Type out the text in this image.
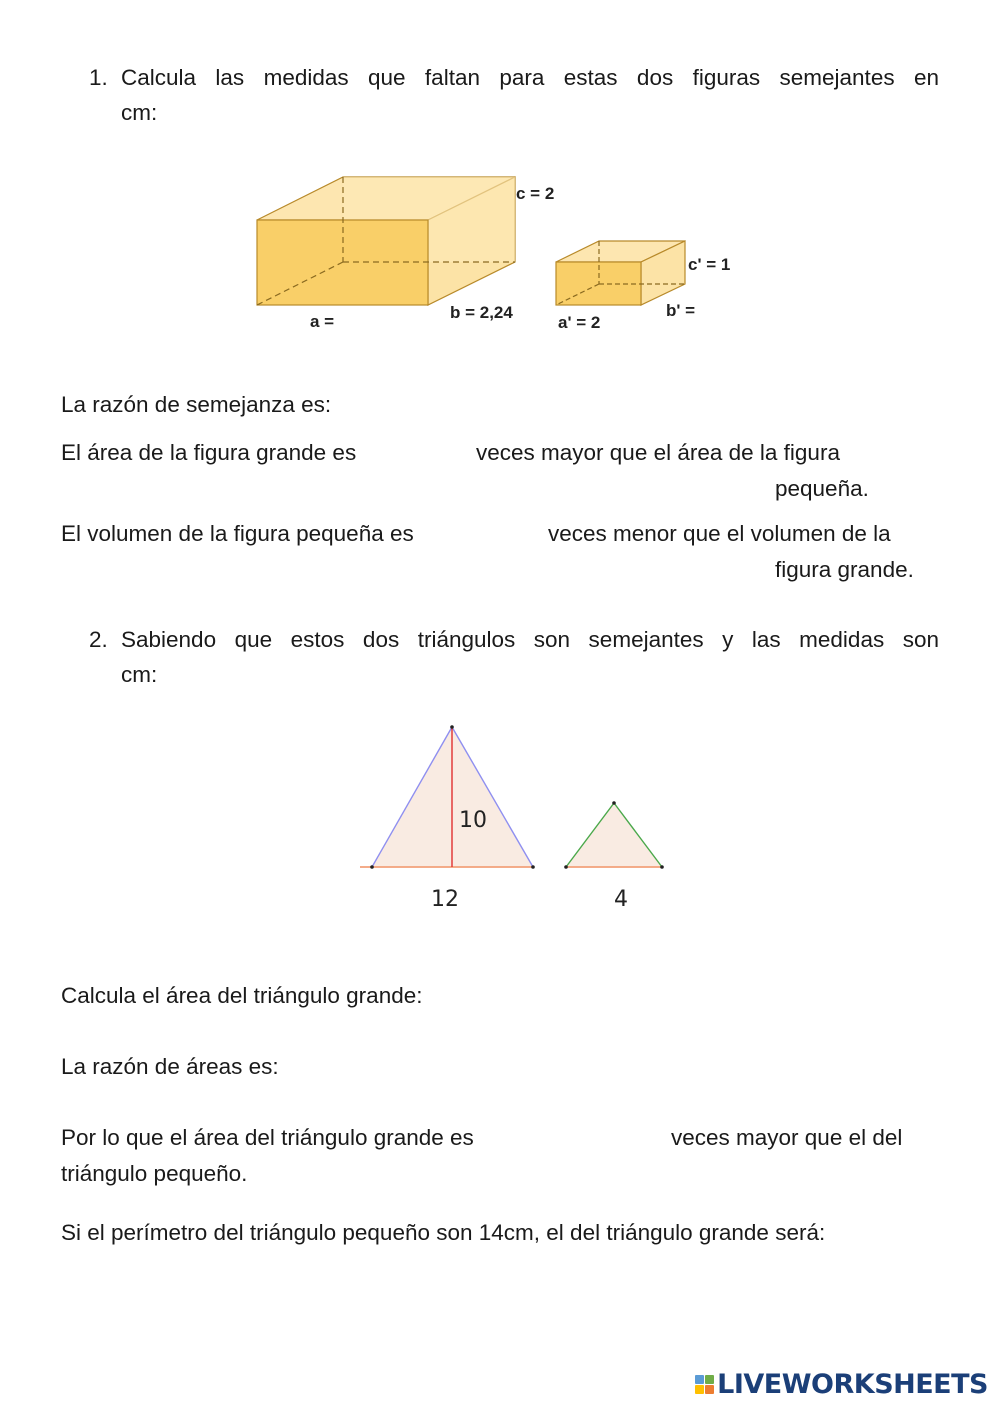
1. Calcula las medidas que faltan para estas dos figuras semejantes en
cm:
c = 2
a =	b = 2,24
c' = 1
a' = 2
b' =
La razón de semejanza es:
El área de la figura grande es	veces mayor que el área de la figura
pequeña.
El volumen de la figura pequeña es	veces menor que el volumen de la
figura grande.
2. Sabiendo que estos dos triángulos son semejantes y las medidas son
cm:
10
12	4
Calcula el área del triángulo grande:
La razón de áreas es:
Por lo que el área del triángulo grande es	veces mayor que el del
triángulo pequeño.
Si el perímetro del triángulo pequeño son 14cm, el del triángulo grande será:
LIVEWORKSHEETS
